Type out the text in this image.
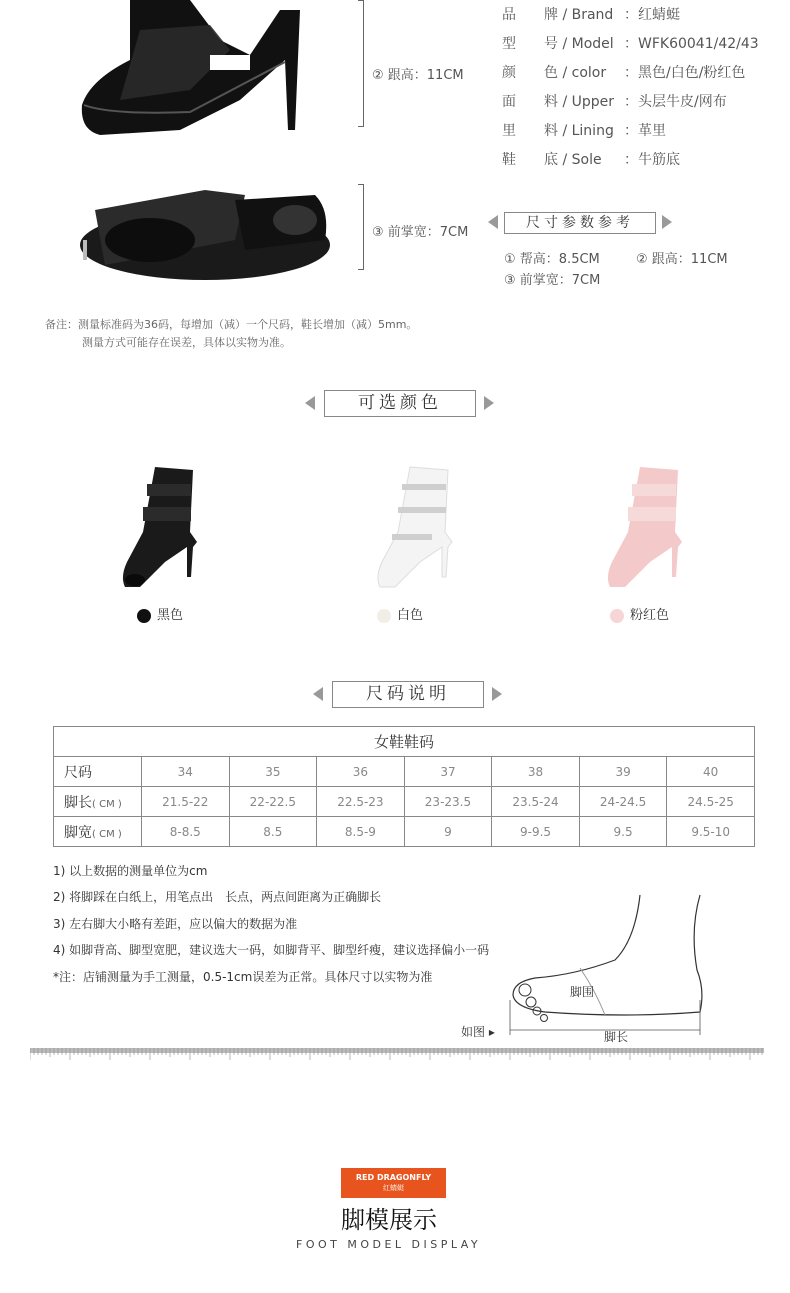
② 跟高：11CM
③ 前掌宽：7CM
品　　牌 / Brand ：红蜻蜓
型　　号 / Model ：WFK60041/42/43
颜　　色 / color ：黑色/白色/粉红色
面　　料 / Upper ：头层牛皮/网布
里　　料 / Lining ：革里
鞋　　底 / Sole ：牛筋底
尺寸参数参考
① 帮高：8.5CM	② 跟高：11CM
③ 前掌宽：7CM
备注：测量标准码为36码，每增加（减）一个尺码，鞋长增加（减）5mm。
测量方式可能存在误差，具体以实物为准。
可选颜色
黑色	白色	粉红色
尺码说明
女鞋鞋码							
尺码	34	35	36	37	38	39	40
脚长( CM )	21.5-22	22-22.5	22.5-23	23-23.5	23.5-24	24-24.5	24.5-25
脚宽( CM )	8-8.5	8.5	8.5-9	9	9-9.5	9.5	9.5-10
1) 以上数据的测量单位为cm
2) 将脚踩在白纸上，用笔点出　长点，两点间距离为正确脚长
3) 左右脚大小略有差距，应以偏大的数据为准
4) 如脚背高、脚型宽肥，建议选大一码，如脚背平、脚型纤瘦，建议选择偏小一码
*注：店铺测量为手工测量，0.5-1cm误差为正常。具体尺寸以实物为准
脚围
脚长
如图 ▸
RED DRAGONFLY
红蜻蜓
脚模展示
FOOT MODEL DISPLAY
